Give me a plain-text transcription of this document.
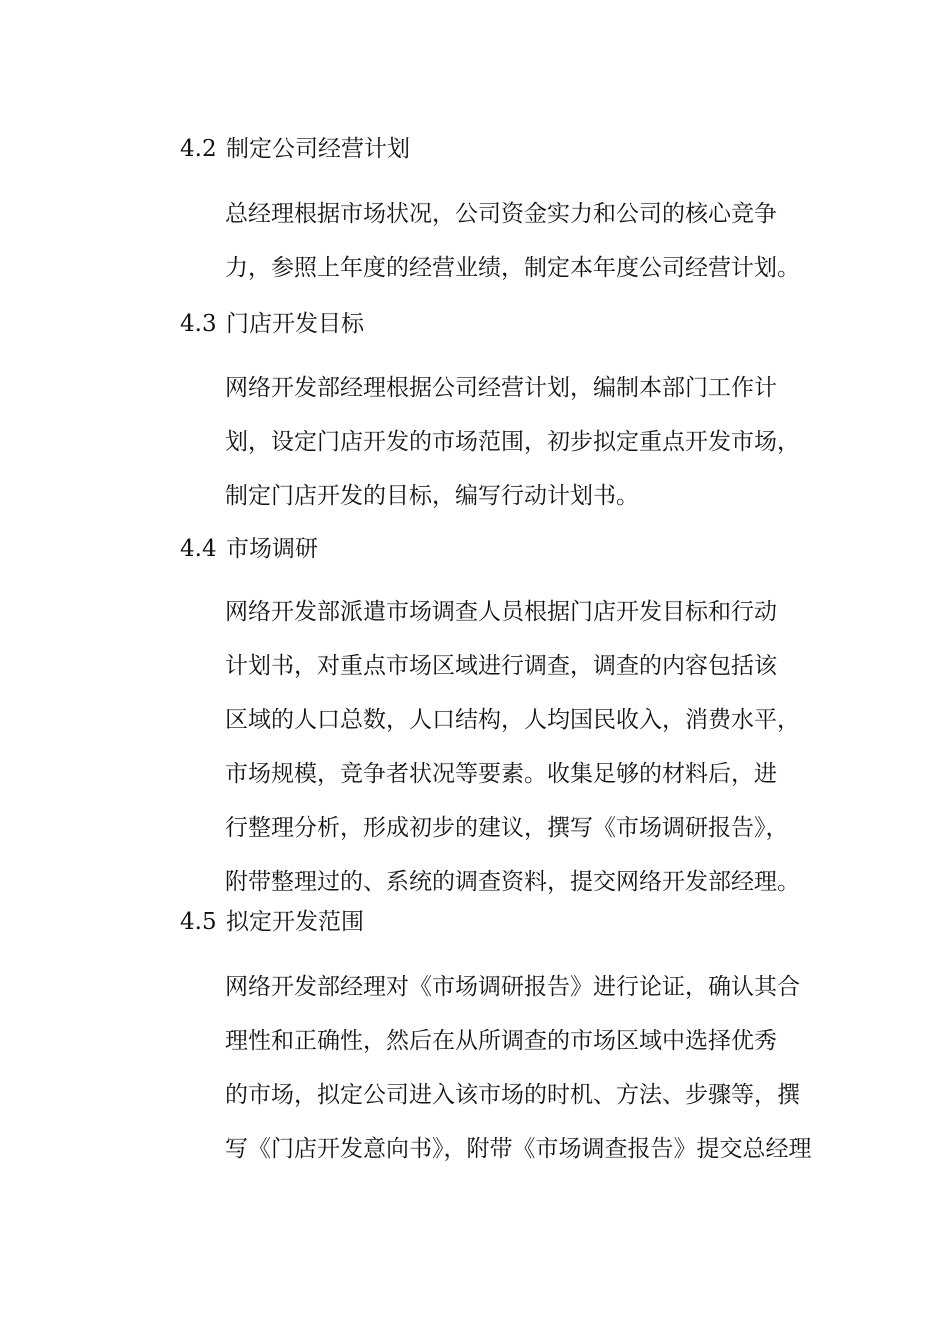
4.2 制定公司经营计划
总经理根据市场状况，公司资金实力和公司的核心竞争
力，参照上年度的经营业绩，制定本年度公司经营计划。
4.3 门店开发目标
网络开发部经理根据公司经营计划，编制本部门工作计
划，设定门店开发的市场范围，初步拟定重点开发市场，
制定门店开发的目标，编写行动计划书。
4.4 市场调研
网络开发部派遣市场调查人员根据门店开发目标和行动
计划书，对重点市场区域进行调查，调查的内容包括该
区域的人口总数，人口结构，人均国民收入，消费水平，
市场规模，竞争者状况等要素。收集足够的材料后，进
行整理分析，形成初步的建议，撰写《市场调研报告》，
附带整理过的、系统的调查资料，提交网络开发部经理。
4.5 拟定开发范围
网络开发部经理对《市场调研报告》进行论证，确认其合
理性和正确性，然后在从所调查的市场区域中选择优秀
的市场，拟定公司进入该市场的时机、方法、步骤等，撰
写《门店开发意向书》，附带《市场调查报告》提交总经理
